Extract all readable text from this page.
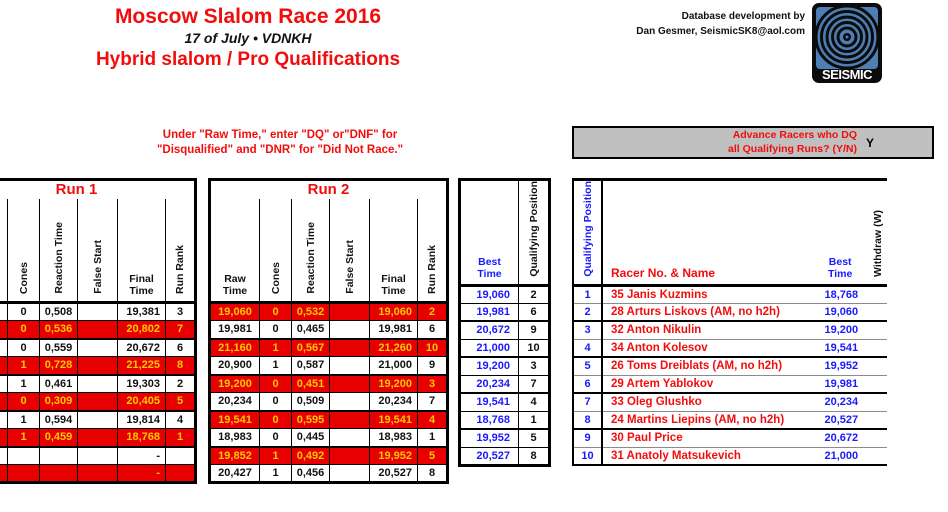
Moscow Slalom Race 2016
17 of July • VDNKH
Hybrid slalom / Pro Qualifications
Database development by
Dan Gesmer, SeismicSK8@aol.com
SEISMIC
Under "Raw Time," enter "DQ" or"DNF" for
"Disqualified" and "DNR" for "Did Not Race."
Advance Racers who DQ
all Qualifying Runs? (Y/N) Y
Run 1					
	Cones	Reaction Time	False Start	Final Time	Run Rank
	0	0,508		19,381	3
	0	0,536		20,802	7
	0	0,559		20,672	6
	1	0,728		21,225	8
	1	0,461		19,303	2
	0	0,309		20,405	5
	1	0,594		19,814	4
	1	0,459		18,768	1
				-	
				-	
Run 2					
Raw Time	Cones	Reaction Time	False Start	Final Time	Run Rank
19,060	0	0,532		19,060	2
19,981	0	0,465		19,981	6
21,160	1	0,567		21,260	10
20,900	1	0,587		21,000	9
19,200	0	0,451		19,200	3
20,234	0	0,509		20,234	7
19,541	0	0,595		19,541	4
18,983	0	0,445		18,983	1
19,852	1	0,492		19,952	5
20,427	1	0,456		20,527	8
Best Time	Qualifying Position
19,060	2
19,981	6
20,672	9
21,000	10
19,200	3
20,234	7
19,541	4
18,768	1
19,952	5
20,527	8
Qualifying Position	Racer No. & Name	Best Time	Withdraw (W)
1	35 Janis Kuzmins	18,768	
2	28 Arturs Liskovs (AM, no h2h)	19,060	
3	32 Anton Nikulin	19,200	
4	34 Anton Kolesov	19,541	
5	26 Toms Dreiblats (AM, no h2h)	19,952	
6	29 Artem Yablokov	19,981	
7	33 Oleg Glushko	20,234	
8	24 Martins Liepins (AM, no h2h)	20,527	
9	30 Paul Price	20,672	
10	31 Anatoly Matsukevich	21,000	
